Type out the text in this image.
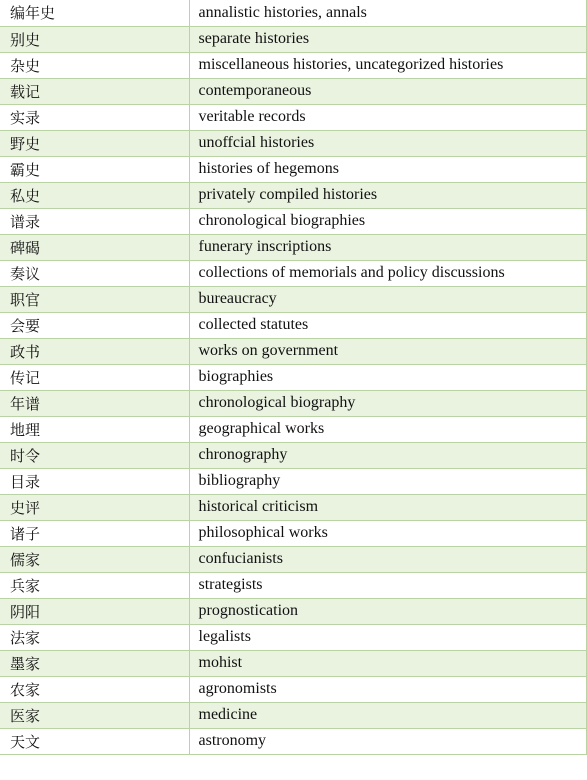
编年史	annalistic histories, annals
别史	separate histories
杂史	miscellaneous histories, uncategorized histories
载记	contemporaneous
实录	veritable records
野史	unoffcial histories
霸史	histories of hegemons
私史	privately compiled histories
谱录	chronological biographies
碑碣	funerary inscriptions
奏议	collections of memorials and policy discussions
职官	bureaucracy
会要	collected statutes
政书	works on government
传记	biographies
年谱	chronological biography
地理	geographical works
时令	chronography
目录	bibliography
史评	historical criticism
诸子	philosophical works
儒家	confucianists
兵家	strategists
阴阳	prognostication
法家	legalists
墨家	mohist
农家	agronomists
医家	medicine
天文	astronomy
